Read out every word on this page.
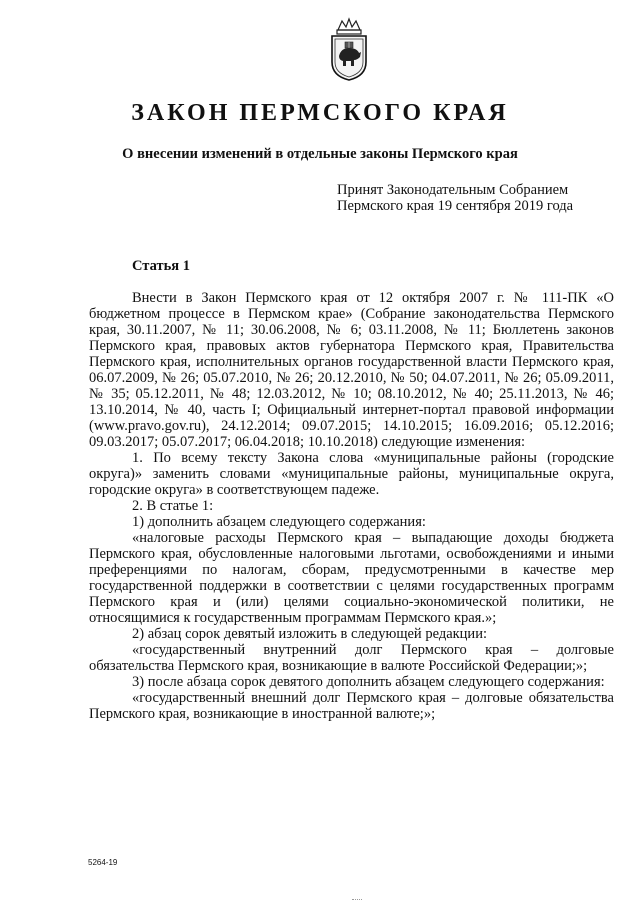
ЗАКОН ПЕРМСКОГО КРАЯ
О внесении изменений в отдельные законы Пермского края
Принят Законодательным Собранием
Пермского края 19 сентября 2019 года
Статья 1

Внести в Закон Пермского края от 12 октября 2007 г. № 111-ПК «О бюджетном процессе в Пермском крае» (Собрание законодательства Пермского края, 30.11.2007, № 11; 30.06.2008, № 6; 03.11.2008, № 11; Бюллетень законов Пермского края, правовых актов губернатора Пермского края, Правительства Пермского края, исполнительных органов государственной власти Пермского края, 06.07.2009, № 26; 05.07.2010, № 26; 20.12.2010, № 50; 04.07.2011, № 26; 05.09.2011, № 35; 05.12.2011, № 48; 12.03.2012, № 10; 08.10.2012, № 40; 25.11.2013, № 46; 13.10.2014, № 40, часть I; Официальный интернет-портал правовой информации (www.pravo.gov.ru), 24.12.2014; 09.07.2015; 14.10.2015; 16.09.2016; 05.12.2016; 09.03.2017; 05.07.2017; 06.04.2018; 10.10.2018) следующие изменения:

1. По всему тексту Закона слова «муниципальные районы (городские округа)» заменить словами «муниципальные районы, муниципальные округа, городские округа» в соответствующем падеже.

2. В статье 1:

1) дополнить абзацем следующего содержания:

«налоговые расходы Пермского края – выпадающие доходы бюджета Пермского края, обусловленные налоговыми льготами, освобождениями и иными преференциями по налогам, сборам, предусмотренными в качестве мер государственной поддержки в соответствии с целями государственных программ Пермского края и (или) целями социально-экономической политики, не относящимися к государственным программам Пермского края.»;

2) абзац сорок девятый изложить в следующей редакции:

«государственный внутренний долг Пермского края – долговые обязательства Пермского края, возникающие в валюте Российской Федерации;»;

3) после абзаца сорок девятого дополнить абзацем следующего содержания:

«государственный внешний долг Пермского края – долговые обязательства Пермского края, возникающие в иностранной валюте;»;

5264-19
